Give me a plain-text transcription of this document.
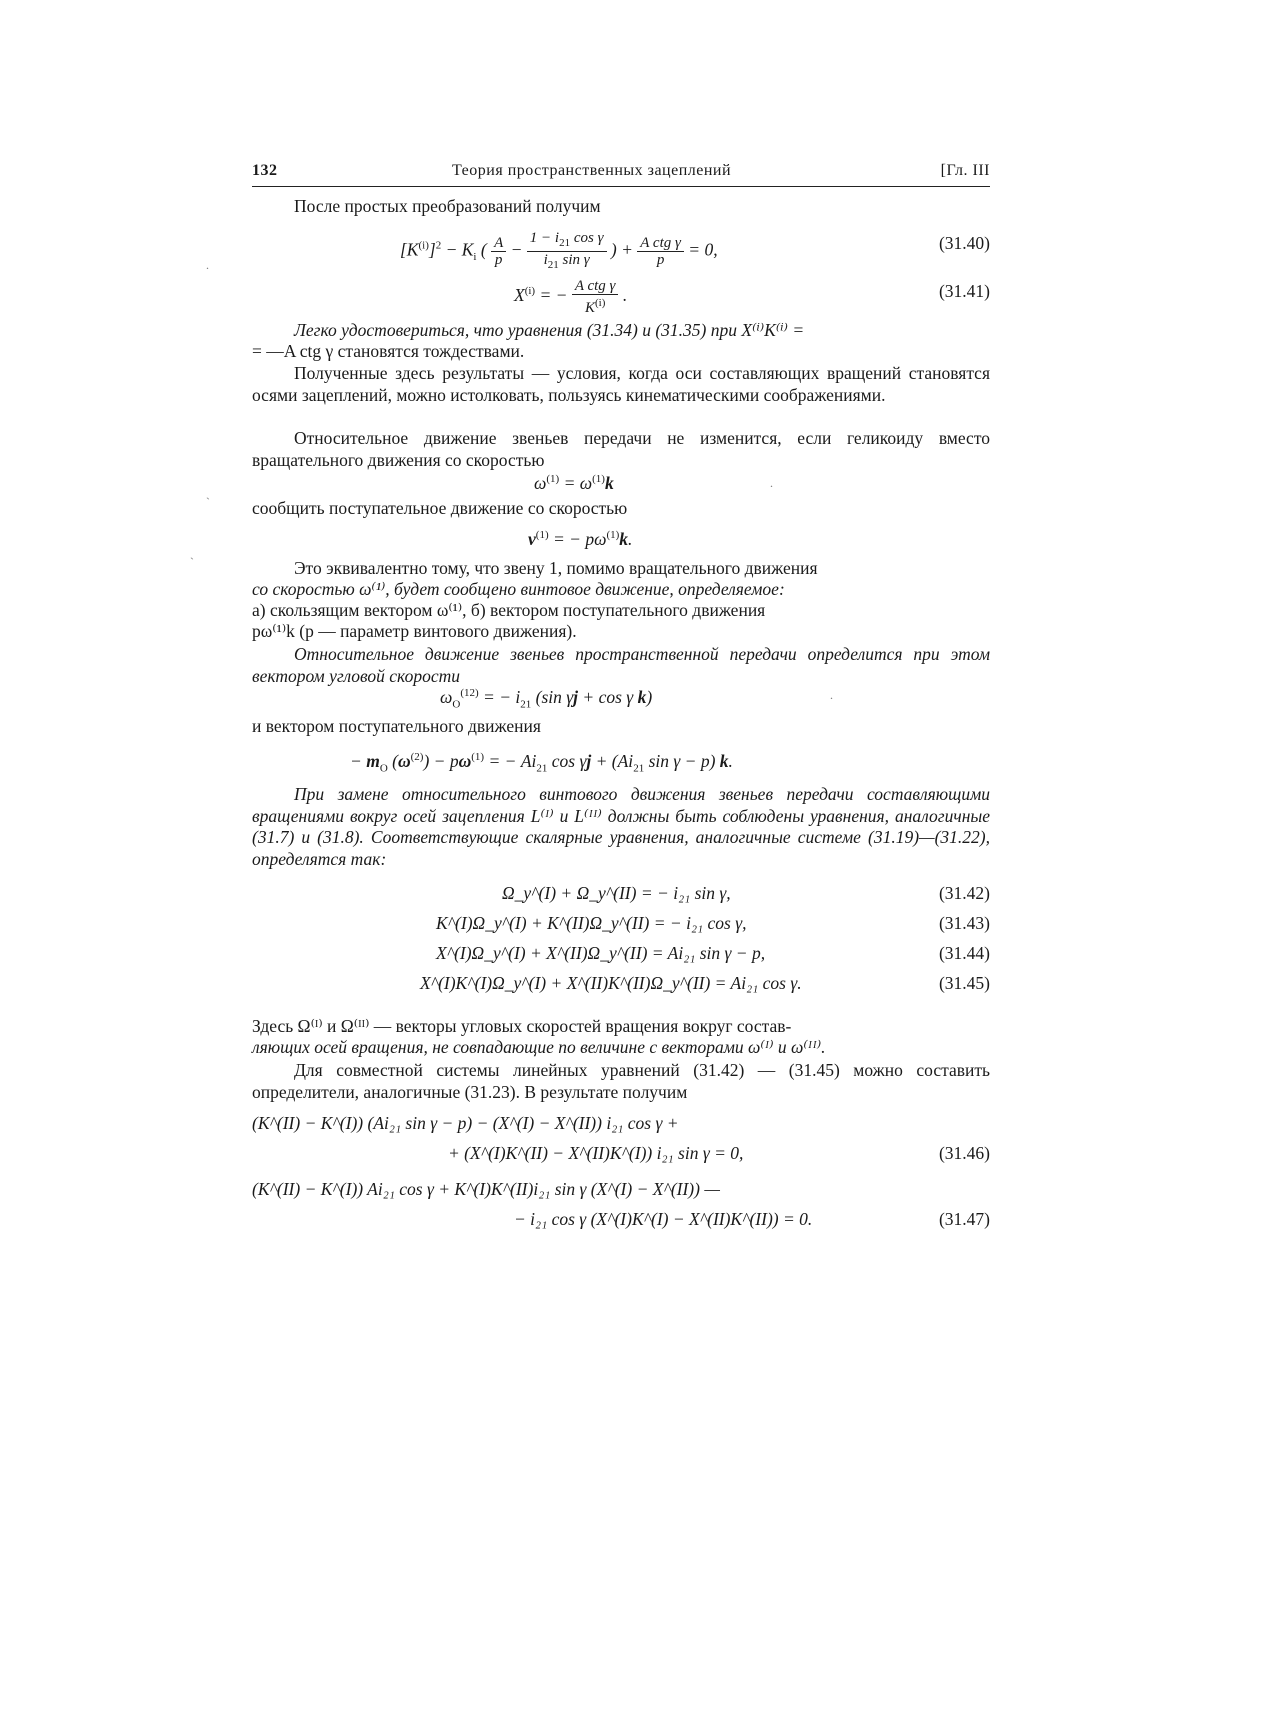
132	Теория пространственных зацеплений	[Гл. III

После простых преобразований получим

$[K^{(i)}]^2 - K_i$ ( $\frac{A}{p} - \frac{1 - i_{21} \cos \gamma}{i_{21} \sin \gamma}$ ) + $\frac{\text{A ctg γ}}{p} = 0$,	(31.40)
$X^{(i)}$ = − $\frac{\text{A ctg γ}}{K^{(i)}}$ .	(31.41)

Легко удостовериться, что уравнения (31.34) и (31.35) при X⁽ⁱ⁾K⁽ⁱ⁾ =

= —A ctg γ становятся тождествами.

Полученные здесь результаты — условия, когда оси составляющих вращений становятся осями зацеплений, можно истолковать, пользуясь кинематическими соображениями.

Относительное движение звеньев передачи не изменится, если геликоиду вместо вращательного движения со скоростью

$\omega^{(1)} = \omega^{(1)}k$

сообщить поступательное движение со скоростью

$v^{(1)}$ = − $p\omega^{(1)}k$.

Это эквивалентно тому, что звену 1, помимо вращательного движения

со скоростью ω⁽¹⁾, будет сообщено винтовое движение, определяемое:

а) скользящим вектором ω⁽¹⁾, б) вектором поступательного движения

pω⁽¹⁾k (p — параметр винтового движения).

Относительное движение звеньев пространственной передачи определится при этом вектором угловой скорости

$\omega_O^{(12)}$ = − $i_{21}$ (sin γj + cos γ k)

и вектором поступательного движения

− $m_O$ $(\omega^{(2)}) - p\omega^{(1)}$ = − $Ai_{21}$ $\cos \gamma j + (Ai_{21}$ sin γ − p) k.

При замене относительного винтового движения звеньев передачи составляющими вращениями вокруг осей зацепления L⁽ᴵ⁾ и L⁽ᴵᴵ⁾ должны быть соблюдены уравнения, аналогичные (31.7) и (31.8). Соответствующие скалярные уравнения, аналогичные системе (31.19)—(31.22), определятся так:

Ω_y^(I) + Ω_y^(II) = − i₂₁ sin γ,	(31.42)
K^(I)Ω_y^(I) + K^(II)Ω_y^(II) = − i₂₁ cos γ,	(31.43)
X^(I)Ω_y^(I) + X^(II)Ω_y^(II) = Ai₂₁ sin γ − p,	(31.44)
X^(I)K^(I)Ω_y^(I) + X^(II)K^(II)Ω_y^(II) = Ai₂₁ cos γ.	(31.45)

Здесь Ω⁽ᴵ⁾ и Ω⁽ᴵᴵ⁾ — векторы угловых скоростей вращения вокруг состав-

ляющих осей вращения, не совпадающие по величине с векторами ω⁽ᴵ⁾ и ω⁽ᴵᴵ⁾.

Для совместной системы линейных уравнений (31.42) — (31.45) можно составить определители, аналогичные (31.23). В результате получим

(K^(II) − K^(I)) (Ai₂₁ sin γ − p) − (X^(I) − X^(II)) i₂₁ cos γ +
+ (X^(I)K^(II) − X^(II)K^(I)) i₂₁ sin γ = 0,	(31.46)
(K^(II) − K^(I)) Ai₂₁ cos γ + K^(I)K^(II)i₂₁ sin γ (X^(I) − X^(II)) —
− i₂₁ cos γ (X^(I)K^(I) − X^(II)K^(II)) = 0.	(31.47)
.
ˏ
ˏ
.
.
